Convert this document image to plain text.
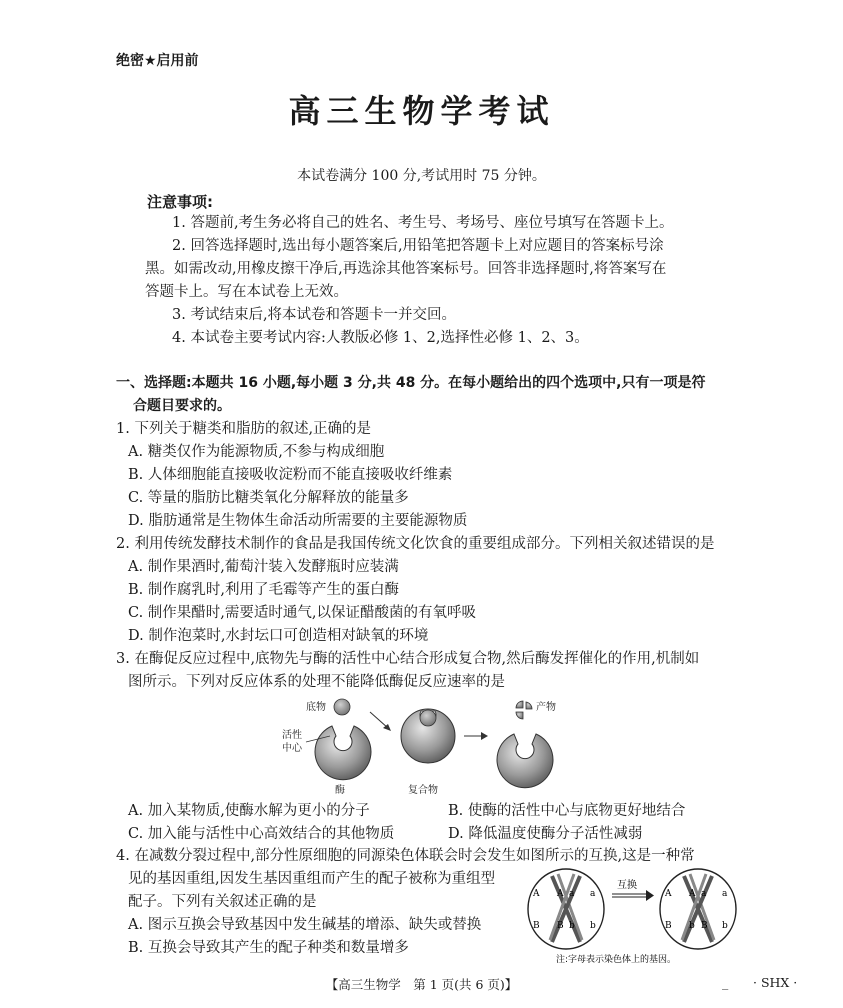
绝密★启用前
高三生物学考试
本试卷满分 100 分,考试用时 75 分钟。
注意事项:
1. 答题前,考生务必将自己的姓名、考生号、考场号、座位号填写在答题卡上。
2. 回答选择题时,选出每小题答案后,用铅笔把答题卡上对应题目的答案标号涂
黑。如需改动,用橡皮擦干净后,再选涂其他答案标号。回答非选择题时,将答案写在
答题卡上。写在本试卷上无效。
3. 考试结束后,将本试卷和答题卡一并交回。
4. 本试卷主要考试内容:人教版必修 1、2,选择性必修 1、2、3。
一、选择题:本题共 16 小题,每小题 3 分,共 48 分。在每小题给出的四个选项中,只有一项是符
合题目要求的。
1. 下列关于糖类和脂肪的叙述,正确的是
A. 糖类仅作为能源物质,不参与构成细胞
B. 人体细胞能直接吸收淀粉而不能直接吸收纤维素
C. 等量的脂肪比糖类氧化分解释放的能量多
D. 脂肪通常是生物体生命活动所需要的主要能源物质
2. 利用传统发酵技术制作的食品是我国传统文化饮食的重要组成部分。下列相关叙述错误的是
A. 制作果酒时,葡萄汁装入发酵瓶时应装满
B. 制作腐乳时,利用了毛霉等产生的蛋白酶
C. 制作果醋时,需要适时通气,以保证醋酸菌的有氧呼吸
D. 制作泡菜时,水封坛口可创造相对缺氧的环境
3. 在酶促反应过程中,底物先与酶的活性中心结合形成复合物,然后酶发挥催化的作用,机制如
图所示。下列对反应体系的处理不能降低酶促反应速率的是
底物
活性
中心
酶	复合物
产物
A. 加入某物质,使酶水解为更小的分子	B. 使酶的活性中心与底物更好地结合
C. 加入能与活性中心高效结合的其他物质	D. 降低温度使酶分子活性减弱
4. 在减数分裂过程中,部分性原细胞的同源染色体联会时会发生如图所示的互换,这是一种常
见的基因重组,因发生基因重组而产生的配子被称为重组型
配子。下列有关叙述正确的是
A. 图示互换会导致基因中发生碱基的增添、缺失或替换
B. 互换会导致其产生的配子种类和数量增多
A A a a
B B b b
互换
A A a a
B b B b
注:字母表示染色体上的基因。
【高三生物学　第 1 页(共 6 页)】	_ · SHX ·
